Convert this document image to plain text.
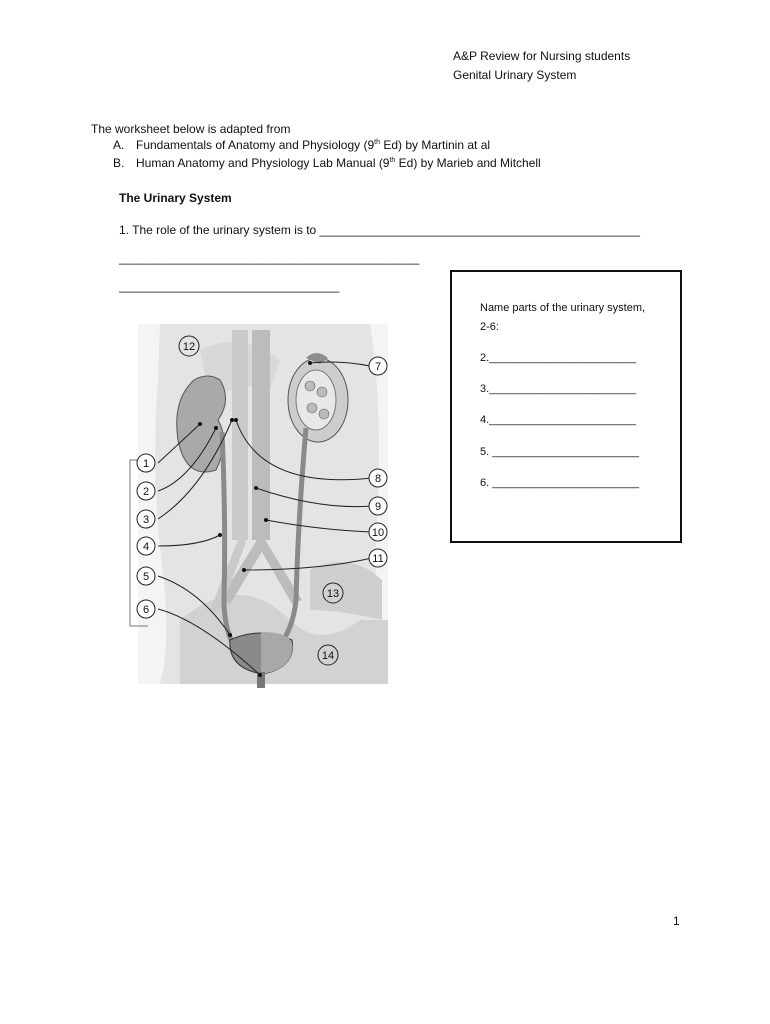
A&P Review for Nursing students
Genital Urinary System
The worksheet below is adapted from
A. Fundamentals of Anatomy and Physiology (9th Ed) by Martinin at al
B. Human Anatomy and Physiology Lab Manual (9th Ed) by Marieb and Mitchell
The Urinary System
1. The role of the urinary system is to ________________________________________________
_____________________________________________
_________________________________
Name parts of the urinary system,
2-6:
2.________________________
3.________________________
4.________________________
5. ________________________
6. ________________________
1
2
3
4
5
6
7
8
9
10
11
12
13
14
1
